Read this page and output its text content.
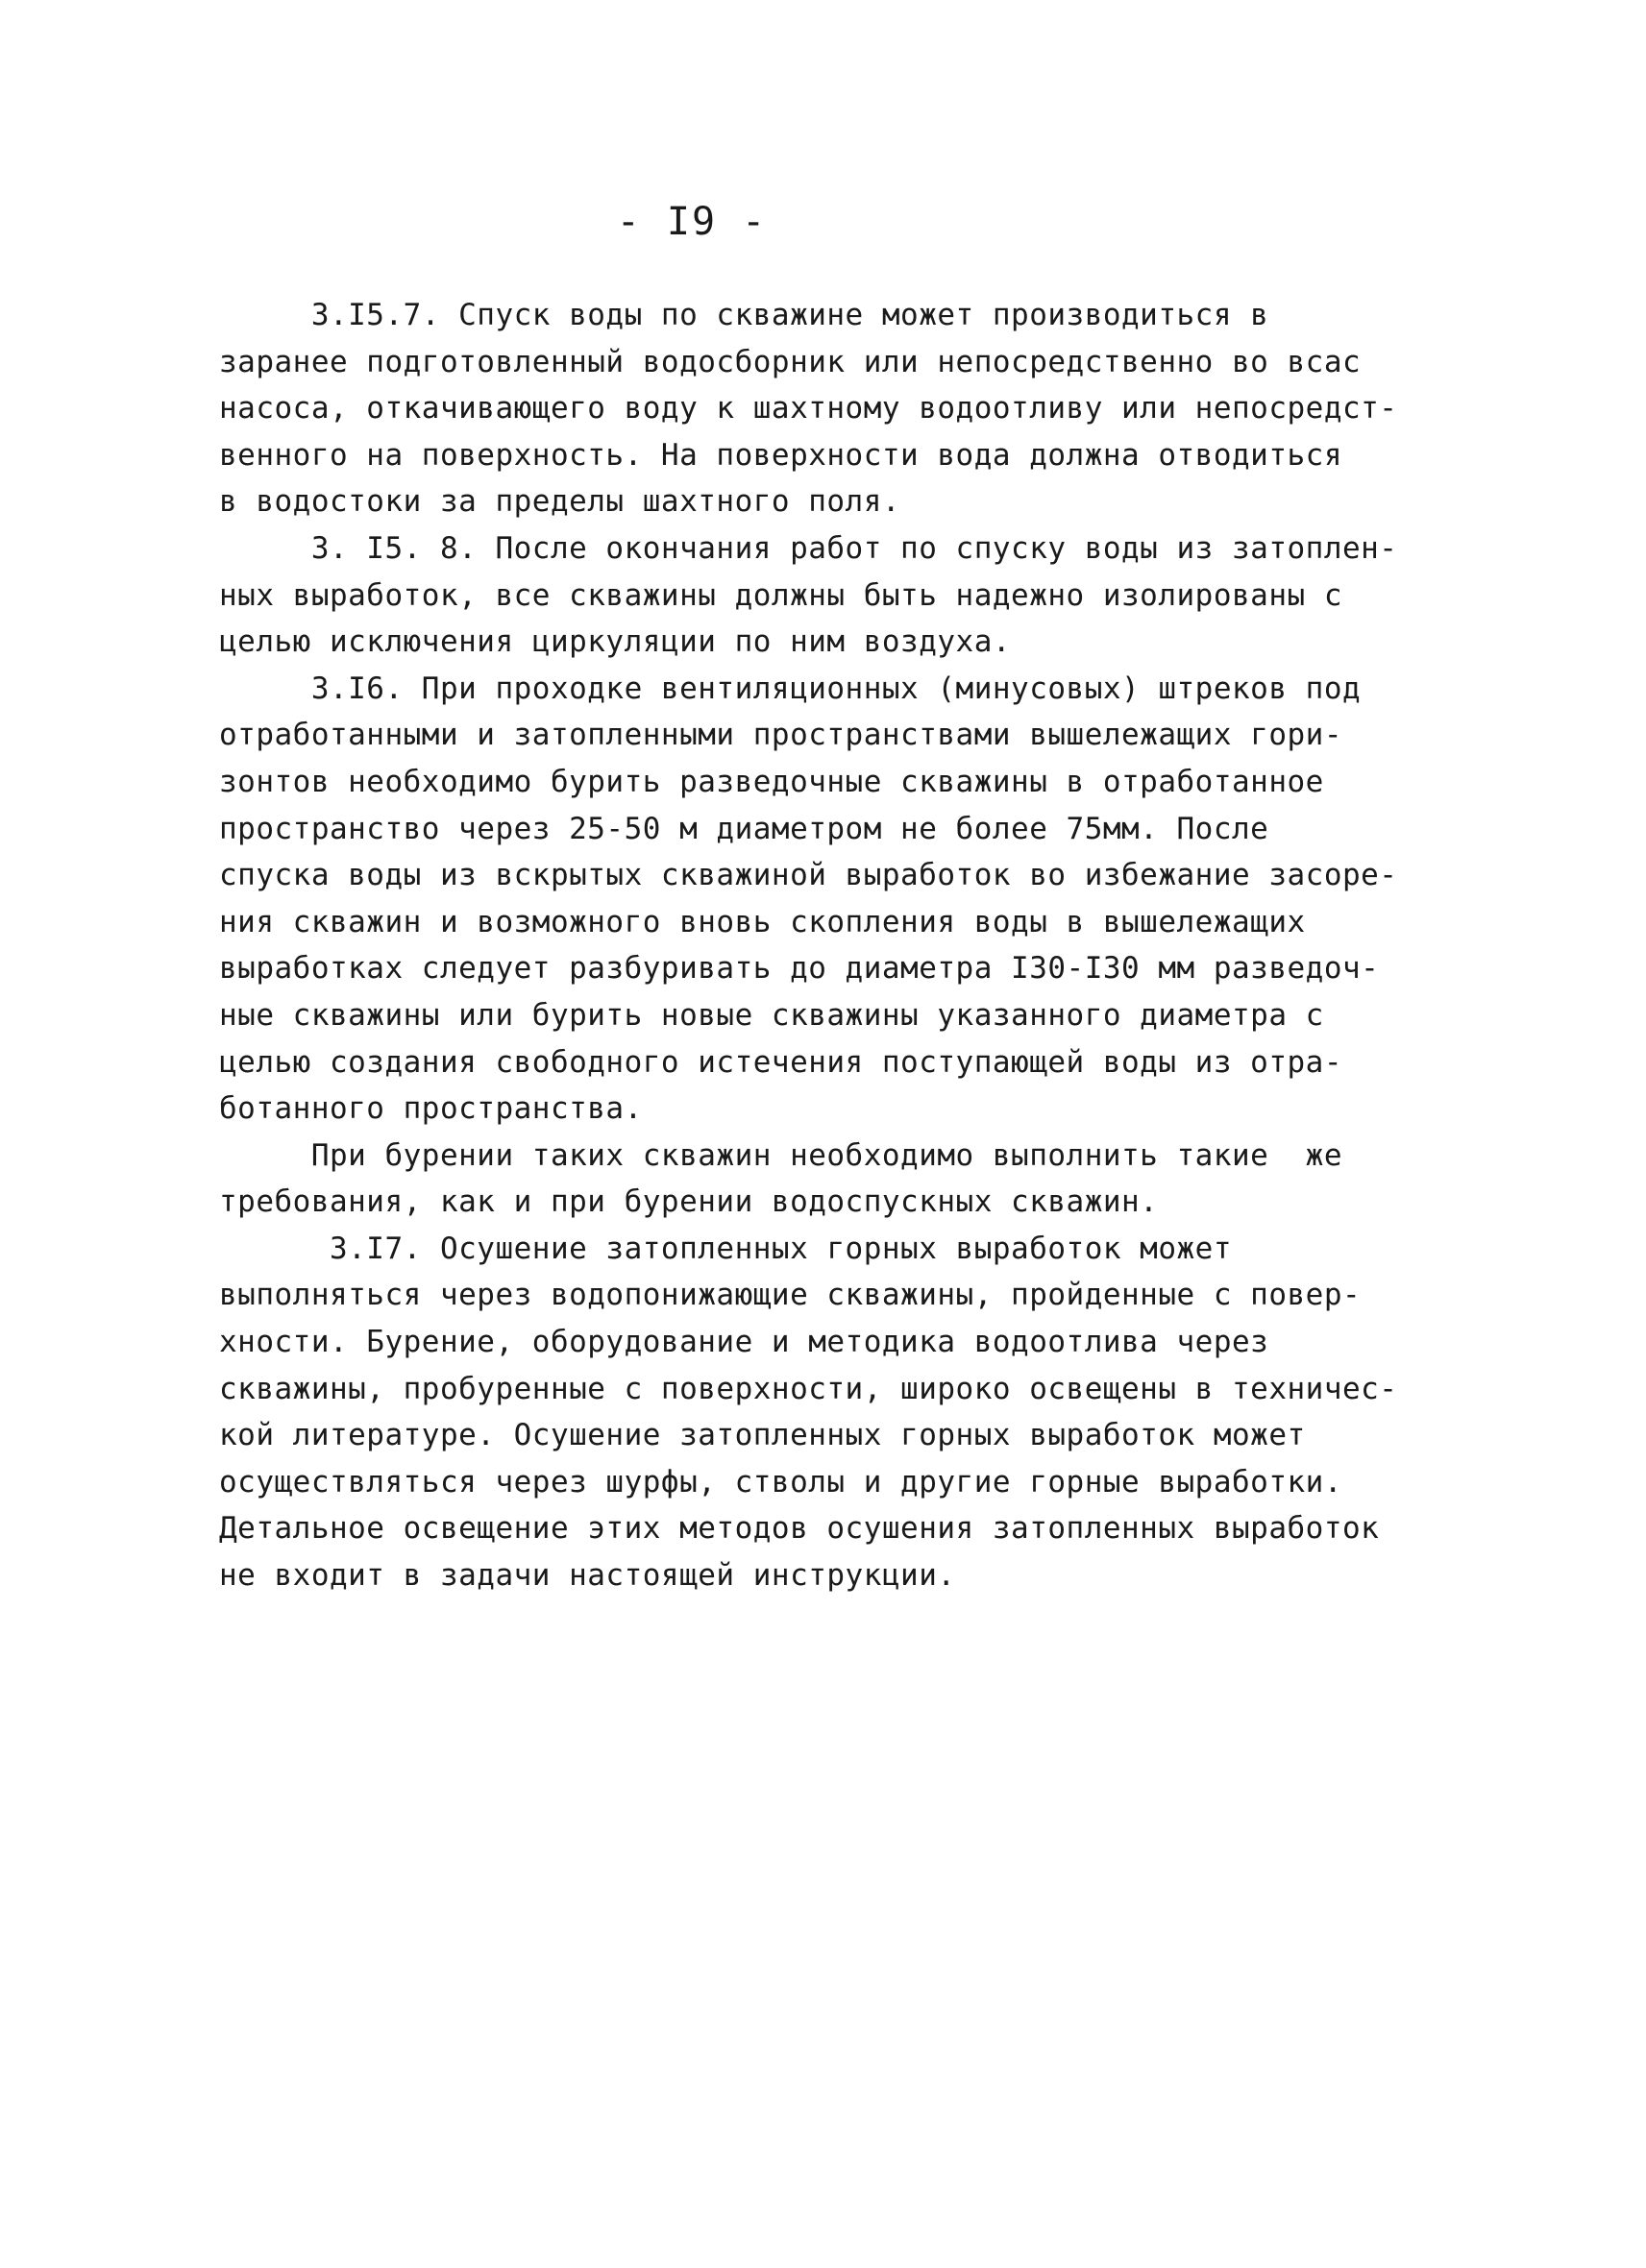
- I9 -
3.I5.7. Спуск воды по скважине может производиться в
заранее подготовленный водосборник или непосредственно во всас
насоса, откачивающего воду к шахтному водоотливу или непосредст-
венного на поверхность. На поверхности вода должна отводиться
в водостоки за пределы шахтного поля.
3. I5. 8. После окончания работ по спуску воды из затоплен-
ных выработок, все скважины должны быть надежно изолированы с
целью исключения циркуляции по ним воздуха.
3.I6. При проходке вентиляционных (минусовых) штреков под
отработанными и затопленными пространствами вышележащих гори-
зонтов необходимо бурить разведочные скважины в отработанное
пространство через 25-50 м диаметром не более 75мм. После
спуска воды из вскрытых скважиной выработок во избежание засоре-
ния скважин и возможного вновь скопления воды в вышележащих
выработках следует разбуривать до диаметра I30-I30 мм разведоч-
ные скважины или бурить новые скважины указанного диаметра с
целью создания свободного истечения поступающей воды из отра-
ботанного пространства.
При бурении таких скважин необходимо выполнить такие  же
требования, как и при бурении водоспускных скважин.
3.I7. Осушение затопленных горных выработок может
выполняться через водопонижающие скважины, пройденные с повер-
хности. Бурение, оборудование и методика водоотлива через
скважины, пробуренные с поверхности, широко освещены в техничес-
кой литературе. Осушение затопленных горных выработок может
осуществляться через шурфы, стволы и другие горные выработки.
Детальное освещение этих методов осушения затопленных выработок
не входит в задачи настоящей инструкции.
